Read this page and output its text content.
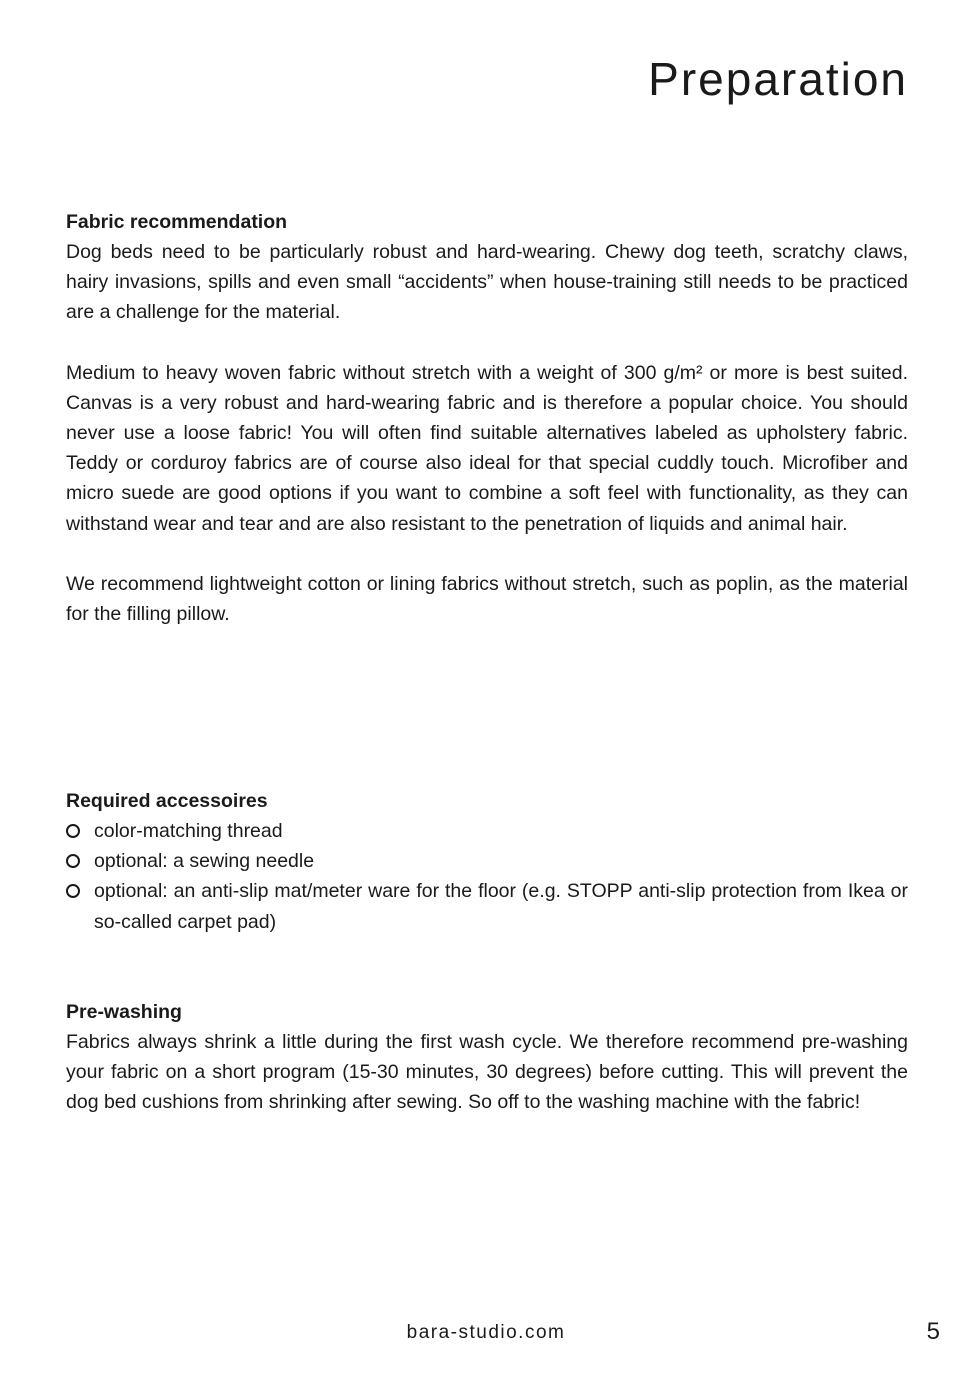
Preparation
Fabric recommendation

Dog beds need to be particularly robust and hard-wearing. Chewy dog teeth, scratchy claws, hairy invasions, spills and even small “accidents” when house-training still needs to be practiced are a challenge for the material.

Medium to heavy woven fabric without stretch with a weight of 300 g/m² or more is best suited. Canvas is a very robust and hard-wearing fabric and is therefore a popular choice. You should never use a loose fabric! You will often find suitable alternatives labeled as upholstery fabric. Teddy or corduroy fabrics are of course also ideal for that special cuddly touch. Microfiber and micro suede are good options if you want to combine a soft feel with functionality, as they can withstand wear and tear and are also resistant to the penetration of liquids and animal hair.

We recommend lightweight cotton or lining fabrics without stretch, such as poplin, as the material for the filling pillow.

Required accessoires
color-matching thread
optional: a sewing needle
optional: an anti-slip mat/meter ware for the floor (e.g. STOPP anti-slip protection from Ikea or so-called carpet pad)
Pre-washing

Fabrics always shrink a little during the first wash cycle. We therefore recommend pre-washing your fabric on a short program (15-30 minutes, 30 degrees) before cutting. This will prevent the dog bed cushions from shrinking after sewing. So off to the washing machine with the fabric!

bara-studio.com	5
